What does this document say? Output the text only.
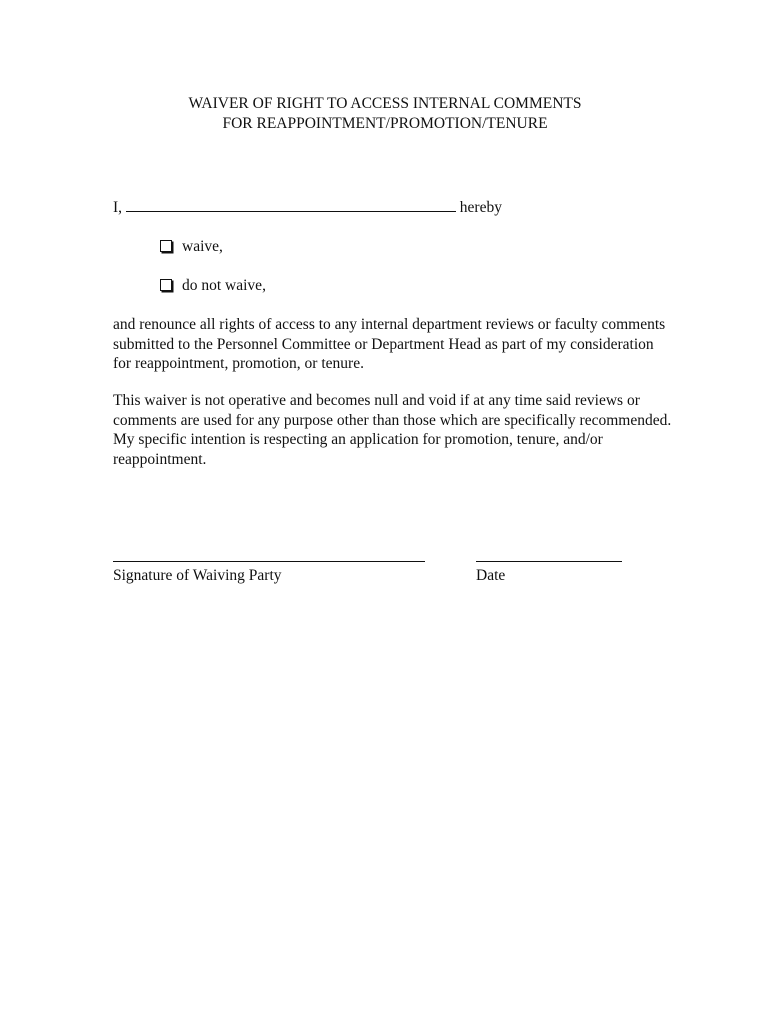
WAIVER OF RIGHT TO ACCESS INTERNAL COMMENTS
FOR REAPPOINTMENT/PROMOTION/TENURE
I,	hereby
waive,
do not waive,
and renounce all rights of access to any internal department reviews or faculty comments submitted to the Personnel Committee or Department Head as part of my consideration for reappointment, promotion, or tenure.
This waiver is not operative and becomes null and void if at any time said reviews or comments are used for any purpose other than those which are specifically recommended. My specific intention is respecting an application for promotion, tenure, and/or reappointment.
Signature of Waiving Party	Date
